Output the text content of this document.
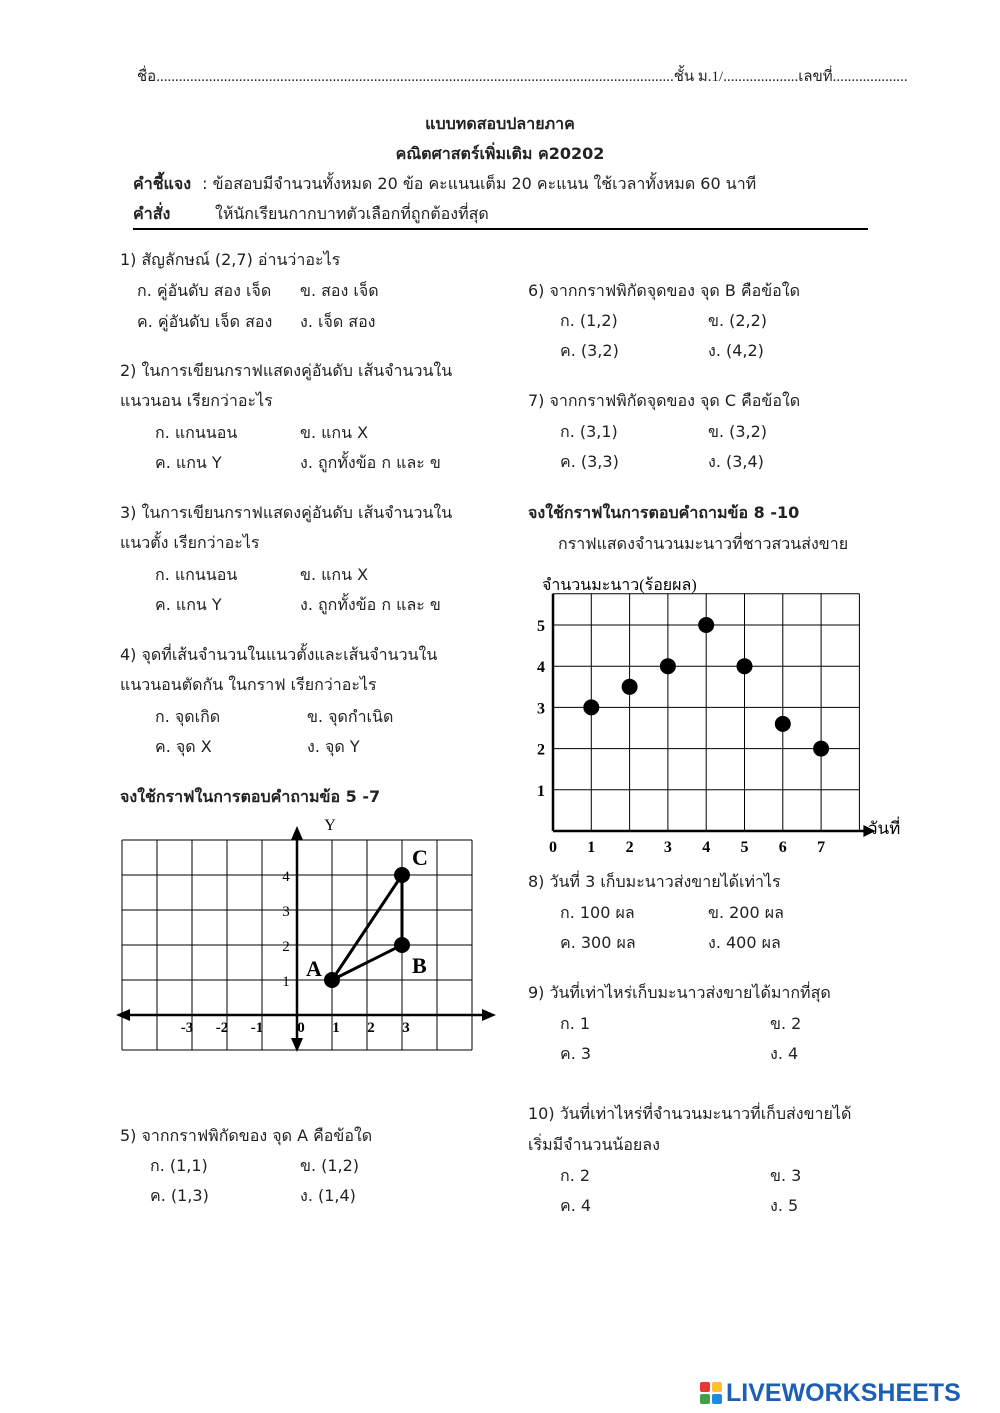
ชื่อ..........................................................................................................................................ชั้น ม.1/....................เลขที่....................
แบบทดสอบปลายภาค
คณิตศาสตร์เพิ่มเติม ค20202
คำชี้แจง : ข้อสอบมีจำนวนทั้งหมด 20 ข้อ คะแนนเต็ม 20 คะแนน ใช้เวลาทั้งหมด 60 นาที
คำสั่ง	ให้นักเรียนกากบาทตัวเลือกที่ถูกต้องที่สุด
1) สัญลักษณ์ (2,7) อ่านว่าอะไร
ก. คู่อันดับ สอง เจ็ด ข. สอง เจ็ด
ค. คู่อันดับ เจ็ด สอง ง. เจ็ด สอง
2) ในการเขียนกราฟแสดงคู่อันดับ เส้นจำนวนใน
แนวนอน เรียกว่าอะไร
ก. แกนนอน	ข. แกน X
ค. แกน Y	ง. ถูกทั้งข้อ ก และ ข
3) ในการเขียนกราฟแสดงคู่อันดับ เส้นจำนวนใน
แนวตั้ง เรียกว่าอะไร
ก. แกนนอน	ข. แกน X
ค. แกน Y	ง. ถูกทั้งข้อ ก และ ข
4) จุดที่เส้นจำนวนในแนวตั้งและเส้นจำนวนใน
แนวนอนตัดกัน ในกราฟ เรียกว่าอะไร
ก. จุดเกิด	ข. จุดกำเนิด
ค. จุด X	ง. จุด Y
จงใช้กราฟในการตอบคำถามข้อ 5 -7
Y
-3 -2 -1 0 1 2 3
1
2
3
4
A	B
C
5) จากกราฟพิกัดของ จุด A คือข้อใด
ก. (1,1)	ข. (1,2)
ค. (1,3)	ง. (1,4)
6) จากกราฟพิกัดจุดของ จุด B คือข้อใด
ก. (1,2)	ข. (2,2)
ค. (3,2)	ง. (4,2)
7) จากกราฟพิกัดจุดของ จุด C คือข้อใด
ก. (3,1)	ข. (3,2)
ค. (3,3)	ง. (3,4)
จงใช้กราฟในการตอบคำถามข้อ 8 -10
กราฟแสดงจำนวนมะนาวที่ชาวสวนส่งขาย
จำนวนมะนาว(ร้อยผล)
วันที่
0 1 2 3 4 5 6 7
1
2
3
4
5
8) วันที่ 3 เก็บมะนาวส่งขายได้เท่าไร
ก. 100 ผล	ข. 200 ผล
ค. 300 ผล	ง. 400 ผล
9) วันที่เท่าไหร่เก็บมะนาวส่งขายได้มากที่สุด
ก. 1	ข. 2
ค. 3	ง. 4
10) วันที่เท่าไหร่ที่จำนวนมะนาวที่เก็บส่งขายได้
เริ่มมีจำนวนน้อยลง
ก. 2	ข. 3
ค. 4	ง. 5
LIVEWORKSHEETS
